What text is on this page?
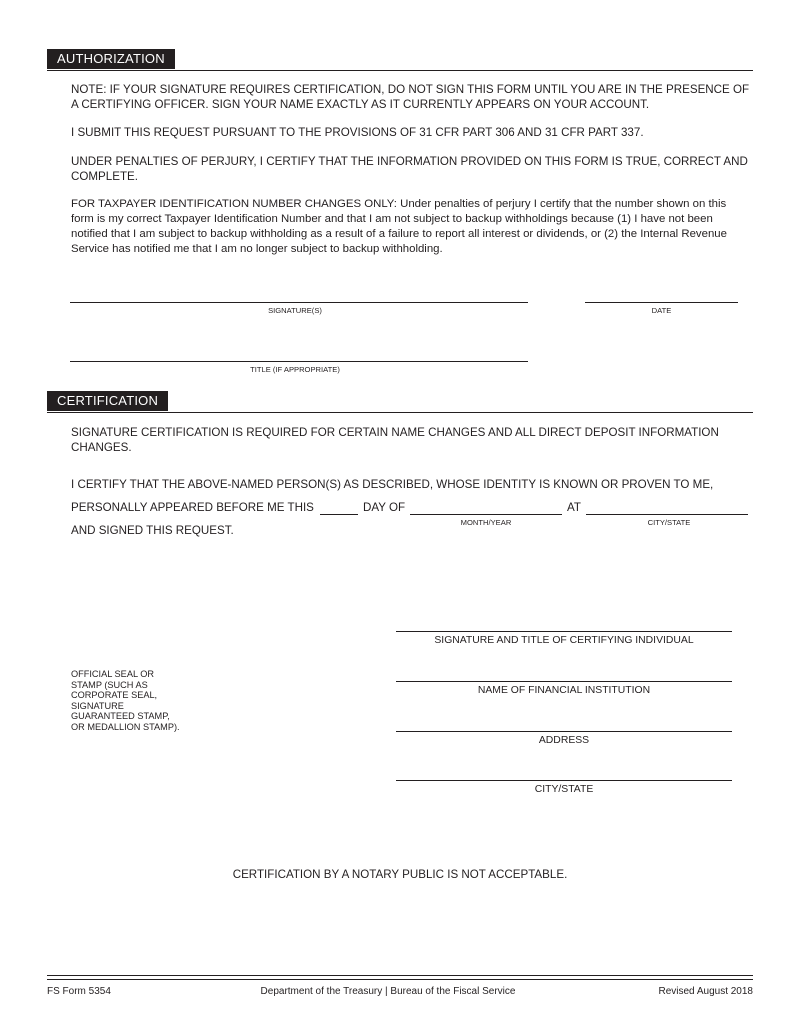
AUTHORIZATION
NOTE: IF YOUR SIGNATURE REQUIRES CERTIFICATION, DO NOT SIGN THIS FORM UNTIL YOU ARE IN THE PRESENCE OF A CERTIFYING OFFICER. SIGN YOUR NAME EXACTLY AS IT CURRENTLY APPEARS ON YOUR ACCOUNT.
I SUBMIT THIS REQUEST PURSUANT TO THE PROVISIONS OF 31 CFR PART 306 AND 31 CFR PART 337.
UNDER PENALTIES OF PERJURY, I CERTIFY THAT THE INFORMATION PROVIDED ON THIS FORM IS TRUE, CORRECT AND COMPLETE.
FOR TAXPAYER IDENTIFICATION NUMBER CHANGES ONLY: Under penalties of perjury I certify that the number shown on this form is my correct Taxpayer Identification Number and that I am not subject to backup withholdings because (1) I have not been notified that I am subject to backup withholding as a result of a failure to report all interest or dividends, or (2) the Internal Revenue Service has notified me that I am no longer subject to backup withholding.
SIGNATURE(S)	DATE
TITLE (IF APPROPRIATE)
CERTIFICATION
SIGNATURE CERTIFICATION IS REQUIRED FOR CERTAIN NAME CHANGES AND ALL DIRECT DEPOSIT INFORMATION CHANGES.
I CERTIFY THAT THE ABOVE-NAMED PERSON(S) AS DESCRIBED, WHOSE IDENTITY IS KNOWN OR PROVEN TO ME,
PERSONALLY APPEARED BEFORE ME THIS	DAY OF	AT
MONTH/YEAR	CITY/STATE
AND SIGNED THIS REQUEST.
SIGNATURE AND TITLE OF CERTIFYING INDIVIDUAL
OFFICIAL SEAL OR STAMP (SUCH AS CORPORATE SEAL, SIGNATURE GUARANTEED STAMP, OR MEDALLION STAMP).
NAME OF FINANCIAL INSTITUTION
ADDRESS
CITY/STATE
CERTIFICATION BY A NOTARY PUBLIC IS NOT ACCEPTABLE.
FS Form 5354	Department of the Treasury | Bureau of the Fiscal Service	Revised August 2018
